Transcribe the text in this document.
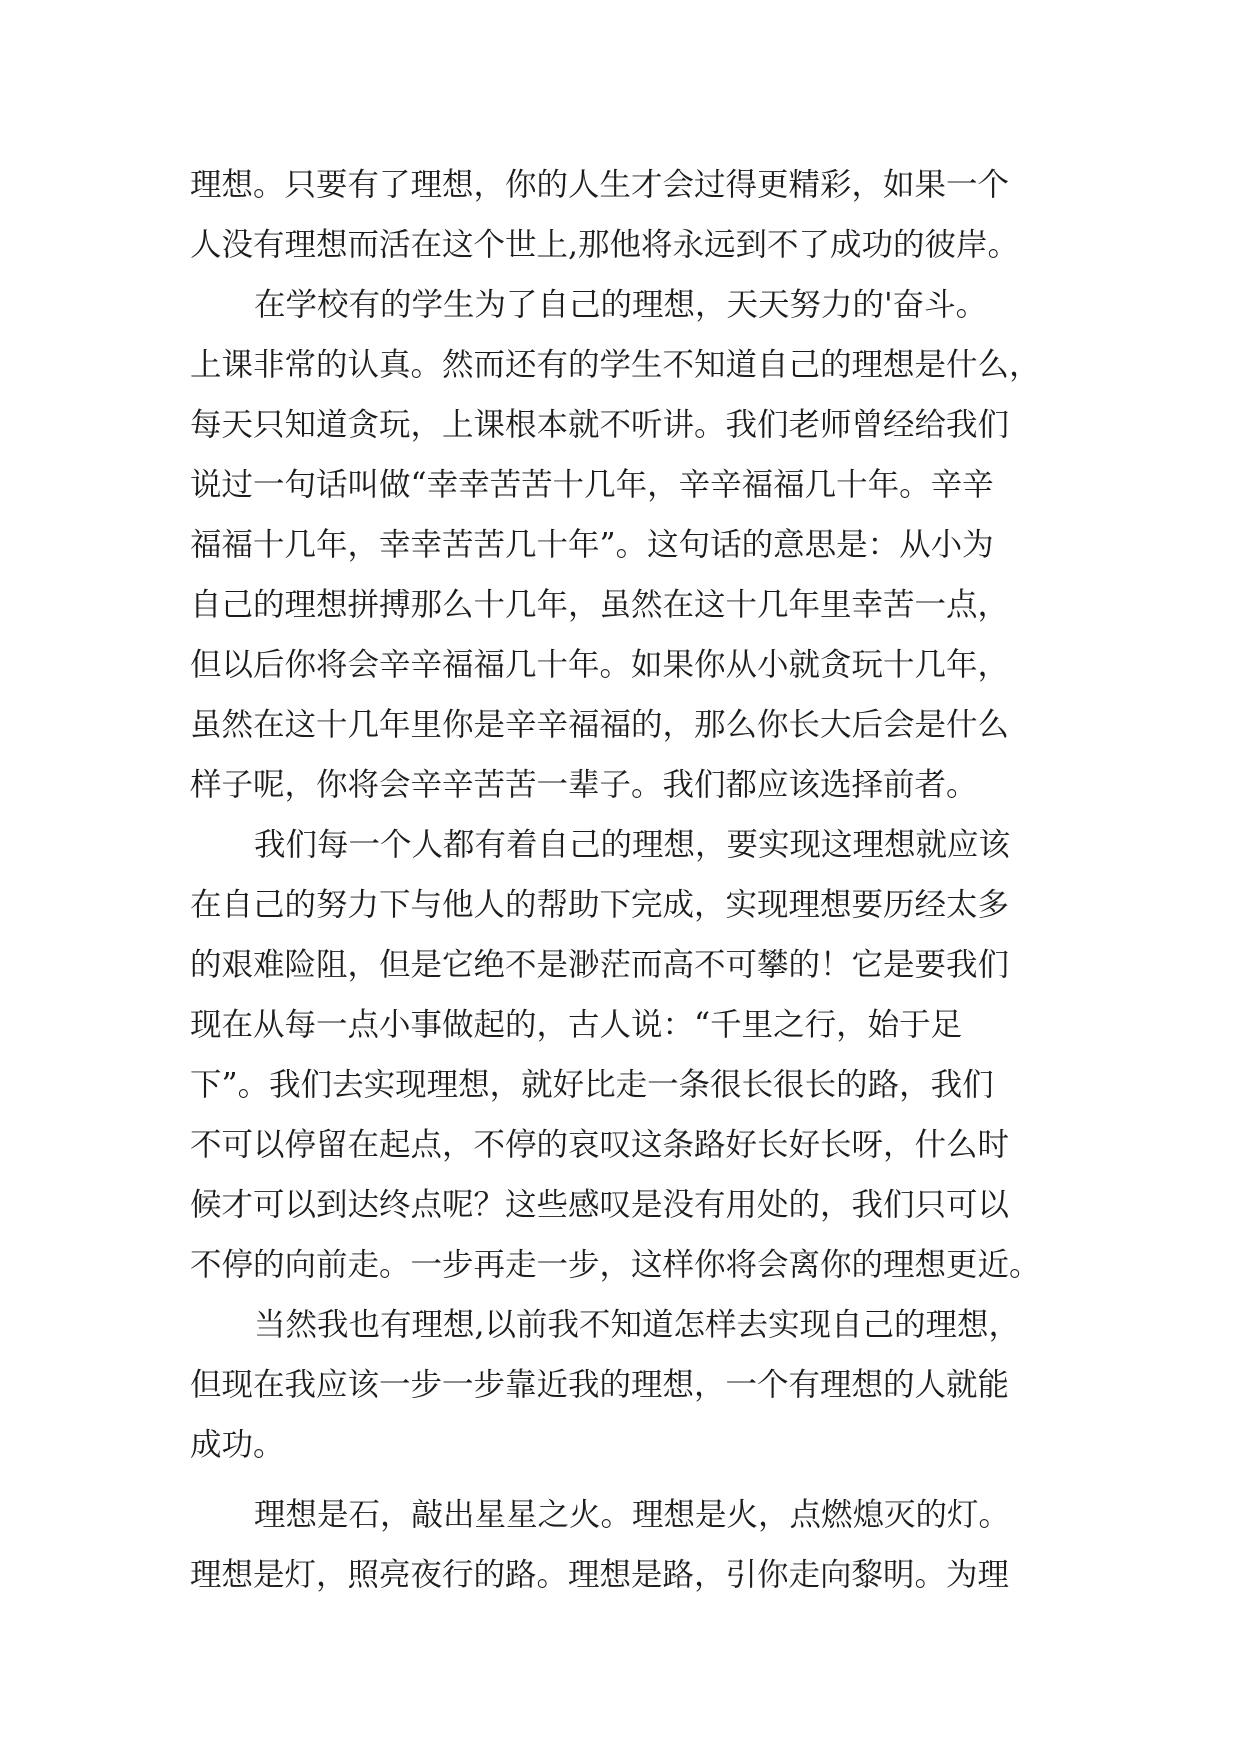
理想。只要有了理想，你的人生才会过得更精彩，如果一个
人没有理想而活在这个世上,那他将永远到不了成功的彼岸。
在学校有的学生为了自己的理想，天天努力的'奋斗。
上课非常的认真。然而还有的学生不知道自己的理想是什么，
每天只知道贪玩，上课根本就不听讲。我们老师曾经给我们
说过一句话叫做“幸幸苦苦十几年，辛辛福福几十年。辛辛
福福十几年，幸幸苦苦几十年”。这句话的意思是：从小为
自己的理想拼搏那么十几年，虽然在这十几年里幸苦一点，
但以后你将会辛辛福福几十年。如果你从小就贪玩十几年，
虽然在这十几年里你是辛辛福福的，那么你长大后会是什么
样子呢，你将会辛辛苦苦一辈子。我们都应该选择前者。
我们每一个人都有着自己的理想，要实现这理想就应该
在自己的努力下与他人的帮助下完成，实现理想要历经太多
的艰难险阻，但是它绝不是渺茫而高不可攀的！它是要我们
现在从每一点小事做起的，古人说：“千里之行，始于足
下”。我们去实现理想，就好比走一条很长很长的路，我们
不可以停留在起点，不停的哀叹这条路好长好长呀，什么时
候才可以到达终点呢？这些感叹是没有用处的，我们只可以
不停的向前走。一步再走一步，这样你将会离你的理想更近。
当然我也有理想,以前我不知道怎样去实现自己的理想，
但现在我应该一步一步靠近我的理想，一个有理想的人就能
成功。
理想是石，敲出星星之火。理想是火，点燃熄灭的灯。
理想是灯，照亮夜行的路。理想是路，引你走向黎明。为理
